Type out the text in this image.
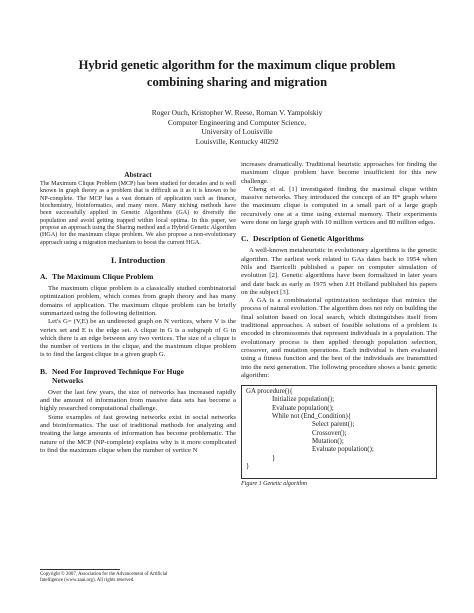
Hybrid genetic algorithm for the maximum clique problem
combining sharing and migration
Roger Ouch, Kristopher W. Reese, Roman V. Yampolskiy
Computer Engineering and Computer Science,
University of Louisville
Louisville, Kentucky 40292
Abstract

The Maximum Clique Problem (MCP) has been studied for decades and is well known in graph theory as a problem that is difficult as it as it is known to be NP-complete. The MCP has a vast domain of application such as finance, biochemistry, bioinformatics, and many more. Many niching methods have been successfully applied in Genetic Algorithms (GA) to diversify the population and avoid getting trapped within local optima. In this paper, we propose an approach using the Sharing method and a Hybrid Genetic Algorithm (HGA) for the maximum clique problem. We also propose a non-evolutionary approach using a migration mechanism to boost the current HGA.

I. Introduction
A. The Maximum Clique Problem

The maximum clique problem is a classically studied combinatorial optimization problem, which comes from graph theory and has many domains of application. The maximum clique problem can be briefly summarized using the following definition.

Let's G= (V,E) be an undirected graph on N vertices, where V is the vertex set and E is the edge set. A clique in G is a subgraph of G in which there is an edge between any two vertices. The size of a clique is the number of vertices in the clique, and the maximum clique problem is to find the largest clique in a given graph G.

B. Need For Improved Technique For Huge
Networks

Over the last few years, the size of networks has increased rapidly and the amount of information from massive data sets has become a highly researched computational challenge.

Some examples of fast growing networks exist in social networks and bioinformatics. The use of traditional methods for analyzing and treating the large amounts of information has become problematic. The nature of the MCP (NP-complete) explains why is it more complicated to find the maximum clique when the number of vertice N

increases dramatically. Traditional heuristic approaches for finding the maximum clique problem have become insufficient for this new challenge.

Cheng et al. [1] investigated finding the maximal clique within massive networks. They introduced the concept of an H* graph where the maximum clique is computed in a small part of a large graph recursively one at a time using external memory. Their experiments were done on large graph with 10 million vertices and 80 million edges.

C. Description of Genetic Algorithms

A well-known metaheuristic in evolutionary algorithms is the genetic algorithm. The earliest work related to GAs dates back to 1954 when Nils and Barricelli published a paper on computer simulation of evolution [2]. Genetic algorithms have been formalized in later years and date back as early as 1975 when J.H Holland published his papers on the subject [3].

A GA is a combinatorial optimization technique that mimics the process of natural evolution. The algorithm does not rely on building the final solution based on local search, which distinguishes itself from traditional approaches. A subset of feasible solutions of a problem is encoded in chromosomes that represent individuals in a population. The evolutionary process is then applied through population selection, crossover, and mutation operations. Each individual is then evaluated using a fitness function and the best of the individuals are transmitted into the next generation. The following procedure shows a basic genetic algorithm:

GA procedure(){
Initialize population();
Evaluate population();
While not (End_Condition){
Select parent();
Crossover();
Mutation();
Evaluate population();
}
}
Figure 1 Genetic algorithm
Copyright © 2007, Association for the Advancement of Artificial
Intelligence (www.aaai.org). All rights reserved.
